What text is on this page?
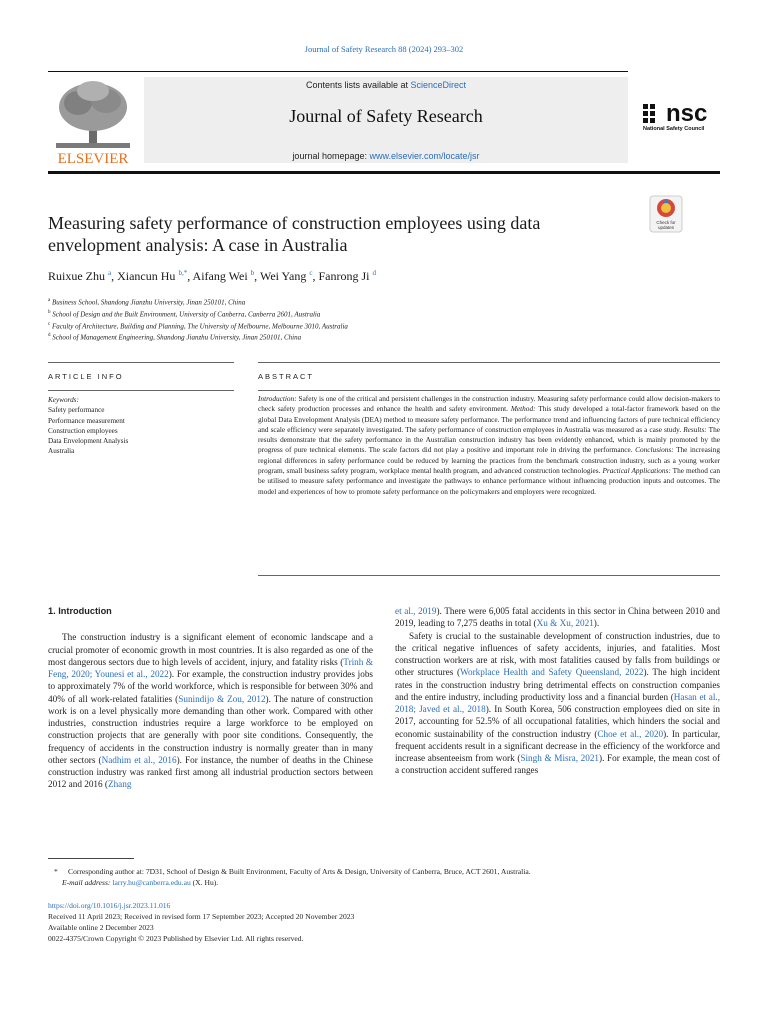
Journal of Safety Research 88 (2024) 293–302
ELSEVIER
Contents lists available at ScienceDirect
Journal of Safety Research
journal homepage: www.elsevier.com/locate/jsr
nsc
National Safety Council
Measuring safety performance of construction employees using data envelopment analysis: A case in Australia
Check for updates
Ruixue Zhu $^a$, Xiancun Hu $^{b,*}$, Aifang Wei $^b$, Wei Yang $^c$, Fanrong Ji $^d$
$^a$ Business School, Shandong Jianzhu University, Jinan 250101, China
$^b$ School of Design and the Built Environment, University of Canberra, Canberra 2601, Australia
$^c$ Faculty of Architecture, Building and Planning, The University of Melbourne, Melbourne 3010, Australia
$^d$ School of Management Engineering, Shandong Jianzhu University, Jinan 250101, China
ARTICLE INFO	ABSTRACT
Keywords:
Safety performance
Performance measurement
Construction employees
Data Envelopment Analysis
Australia
Introduction: Safety is one of the critical and persistent challenges in the construction industry. Measuring safety performance could allow decision-makers to check safety production processes and enhance the health and safety environment. Method: This study developed a total-factor framework based on the global Data Envelopment Analysis (DEA) method to measure safety performance. The performance trend and influencing factors of pure technical efficiency and scale efficiency were separately investigated. The safety performance of construction employees in Australia was measured as a case study. Results: The results demonstrate that the safety performance in the Australian construction industry has been evidently enhanced, which is mainly promoted by the progress of pure technical elements. The scale factors did not play a positive and important role in driving the performance. Conclusions: The increasing regional differences in safety performance could be reduced by learning the practices from the benchmark construction industry, such as a young worker program, small business safety program, workplace mental health program, and advanced construction technologies. Practical Applications: The method can be utilised to measure safety performance and investigate the pathways to enhance performance without influencing production inputs and outcomes. The model and experiences of how to promote safety performance on the policymakers and employers were recognized.

1. Introduction

The construction industry is a significant element of economic landscape and a crucial promoter of economic growth in most countries. It is also regarded as one of the most dangerous sectors due to high levels of accident, injury, and fatality risks (Trinh & Feng, 2020; Younesi et al., 2022). For example, the construction industry provides jobs to approximately 7% of the world workforce, which is responsible for between 30% and 40% of all work-related fatalities (Sunindijo & Zou, 2012). The nature of construction work is on a level physically more demanding than other work. Compared with other industries, construction industries require a large workforce to be employed on construction projects that are generally with poor site conditions. Consequently, the frequency of accidents in the construction industry is normally greater than in many other sectors (Nadhim et al., 2016). For instance, the number of deaths in the Chinese construction industry was ranked first among all industrial production sectors between 2012 and 2016 (Zhang

et al., 2019). There were 6,005 fatal accidents in this sector in China between 2010 and 2019, leading to 7,275 deaths in total (Xu & Xu, 2021).

Safety is crucial to the sustainable development of construction industries, due to the critical negative influences of safety accidents, injuries, and fatalities. Most construction workers are at risk, with most fatalities caused by falls from buildings or other structures (Workplace Health and Safety Queensland, 2022). The high incident rates in the construction industry bring detrimental effects on construction companies and the entire industry, including productivity loss and a financial burden (Hasan et al., 2018; Javed et al., 2018). In South Korea, 506 construction employees died on site in 2017, accounting for 52.5% of all occupational fatalities, which hinders the social and economic sustainability of the construction industry (Choe et al., 2020). In particular, frequent accidents result in a significant decrease in the efficiency of the workforce and increase absenteeism from work (Singh & Misra, 2021). For example, the mean cost of a construction accident suffered ranges

* Corresponding author at: 7D31, School of Design & Built Environment, Faculty of Arts & Design, University of Canberra, Bruce, ACT 2601, Australia.
E-mail address: larry.hu@canberra.edu.au (X. Hu).
https://doi.org/10.1016/j.jsr.2023.11.016
Received 11 April 2023; Received in revised form 17 September 2023; Accepted 20 November 2023
Available online 2 December 2023
0022-4375/Crown Copyright © 2023 Published by Elsevier Ltd. All rights reserved.
